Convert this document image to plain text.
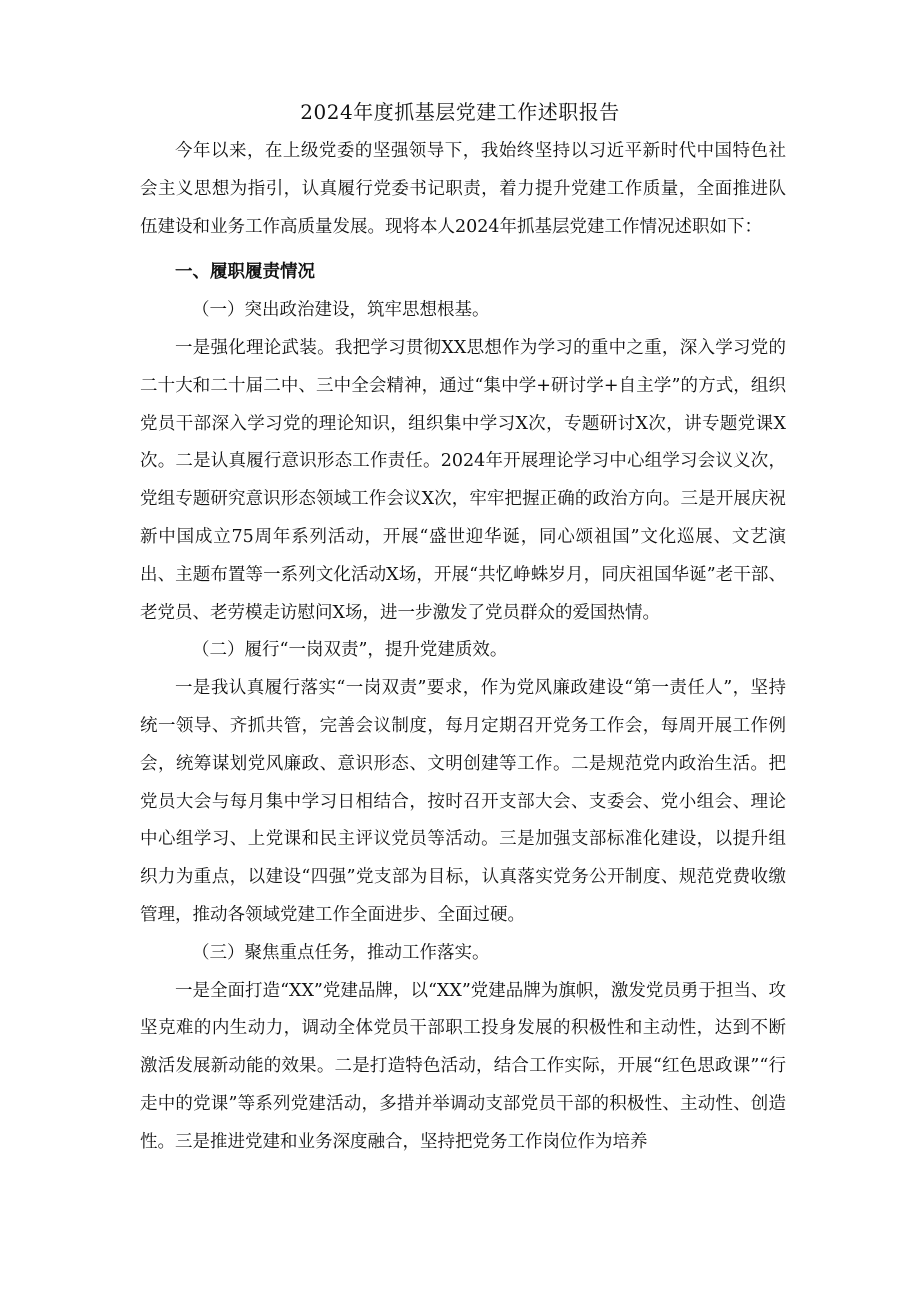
2024年度抓基层党建工作述职报告

今年以来，在上级党委的坚强领导下，我始终坚持以习近平新时代中国特色社会主义思想为指引，认真履行党委书记职责，着力提升党建工作质量，全面推进队伍建设和业务工作高质量发展。现将本人2024年抓基层党建工作情况述职如下：

一、履职履责情况

（一）突出政治建设，筑牢思想根基。

一是强化理论武装。我把学习贯彻XX思想作为学习的重中之重，深入学习党的二十大和二十届二中、三中全会精神，通过“集中学+研讨学+自主学”的方式，组织党员干部深入学习党的理论知识，组织集中学习X次，专题研讨X次，讲专题党课X次。二是认真履行意识形态工作责任。2024年开展理论学习中心组学习会议义次，党组专题研究意识形态领域工作会议X次，牢牢把握正确的政治方向。三是开展庆祝新中国成立75周年系列活动，开展“盛世迎华诞，同心颂祖国”文化巡展、文艺演出、主题布置等一系列文化活动X场，开展“共忆峥蛛岁月，同庆祖国华诞”老干部、老党员、老劳模走访慰问X场，进一步激发了党员群众的爱国热情。

（二）履行“一岗双责”，提升党建质效。

一是我认真履行落实“一岗双责”要求，作为党风廉政建设“第一责任人”，坚持统一领导、齐抓共管，完善会议制度，每月定期召开党务工作会，每周开展工作例会，统筹谋划党风廉政、意识形态、文明创建等工作。二是规范党内政治生活。把党员大会与每月集中学习日相结合，按时召开支部大会、支委会、党小组会、理论中心组学习、上党课和民主评议党员等活动。三是加强支部标准化建设，以提升组织力为重点，以建设“四强”党支部为目标，认真落实党务公开制度、规范党费收缴管理，推动各领域党建工作全面进步、全面过硬。

（三）聚焦重点任务，推动工作落实。

一是全面打造“XX”党建品牌，以“XX”党建品牌为旗帜，激发党员勇于担当、攻坚克难的内生动力，调动全体党员干部职工投身发展的积极性和主动性，达到不断激活发展新动能的效果。二是打造特色活动，结合工作实际，开展“红色思政课”“行走中的党课”等系列党建活动，多措并举调动支部党员干部的积极性、主动性、创造性。三是推进党建和业务深度融合，坚持把党务工作岗位作为培养
